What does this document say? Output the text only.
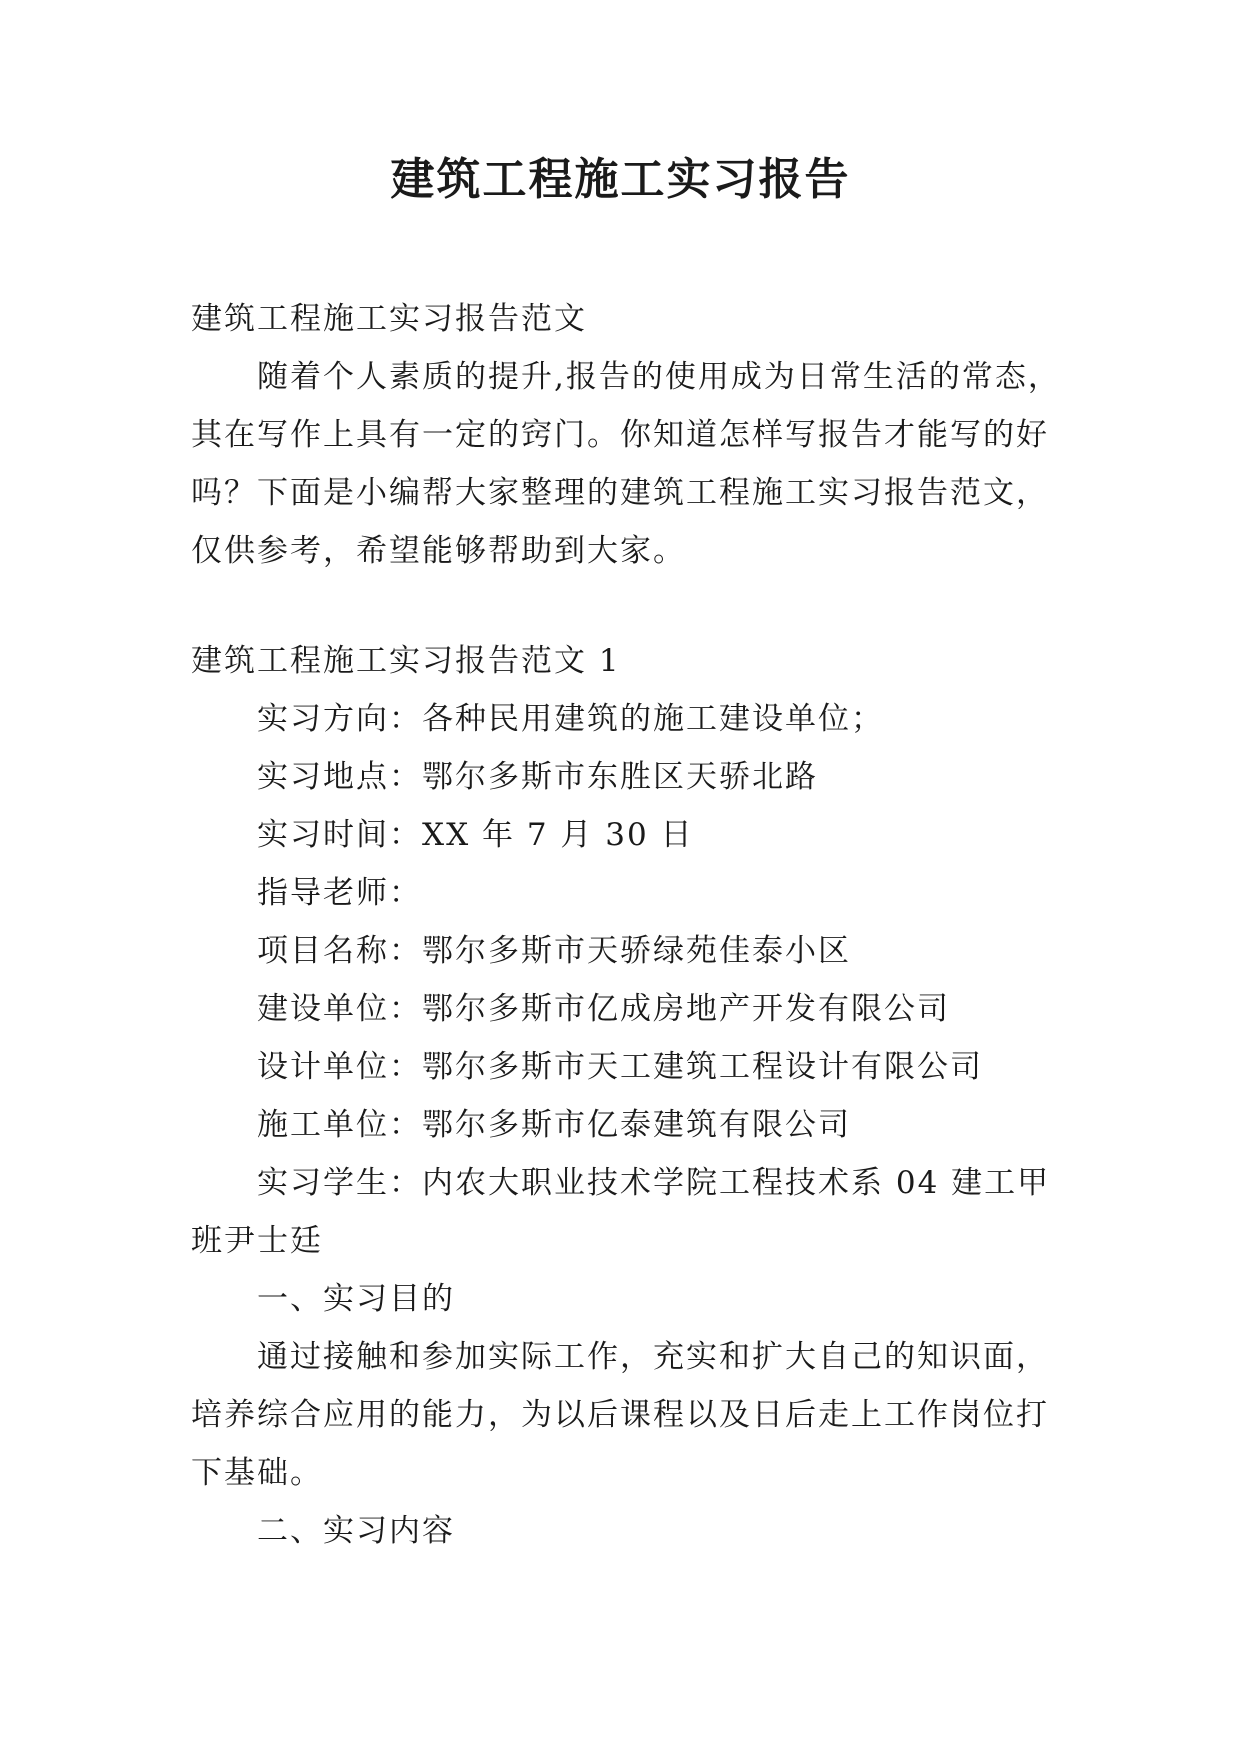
建筑工程施工实习报告

建筑工程施工实习报告范文

随着个人素质的提升,报告的使用成为日常生活的常态，其在写作上具有一定的窍门。你知道怎样写报告才能写的好吗？下面是小编帮大家整理的建筑工程施工实习报告范文，仅供参考，希望能够帮助到大家。

建筑工程施工实习报告范文 1

实习方向：各种民用建筑的施工建设单位；

实习地点：鄂尔多斯市东胜区天骄北路

实习时间：XX 年 7 月 30 日

指导老师：

项目名称：鄂尔多斯市天骄绿苑佳泰小区

建设单位：鄂尔多斯市亿成房地产开发有限公司

设计单位：鄂尔多斯市天工建筑工程设计有限公司

施工单位：鄂尔多斯市亿泰建筑有限公司

实习学生：内农大职业技术学院工程技术系 04 建工甲班尹士廷

一、实习目的

通过接触和参加实际工作，充实和扩大自己的知识面，培养综合应用的能力，为以后课程以及日后走上工作岗位打下基础。

二、实习内容
